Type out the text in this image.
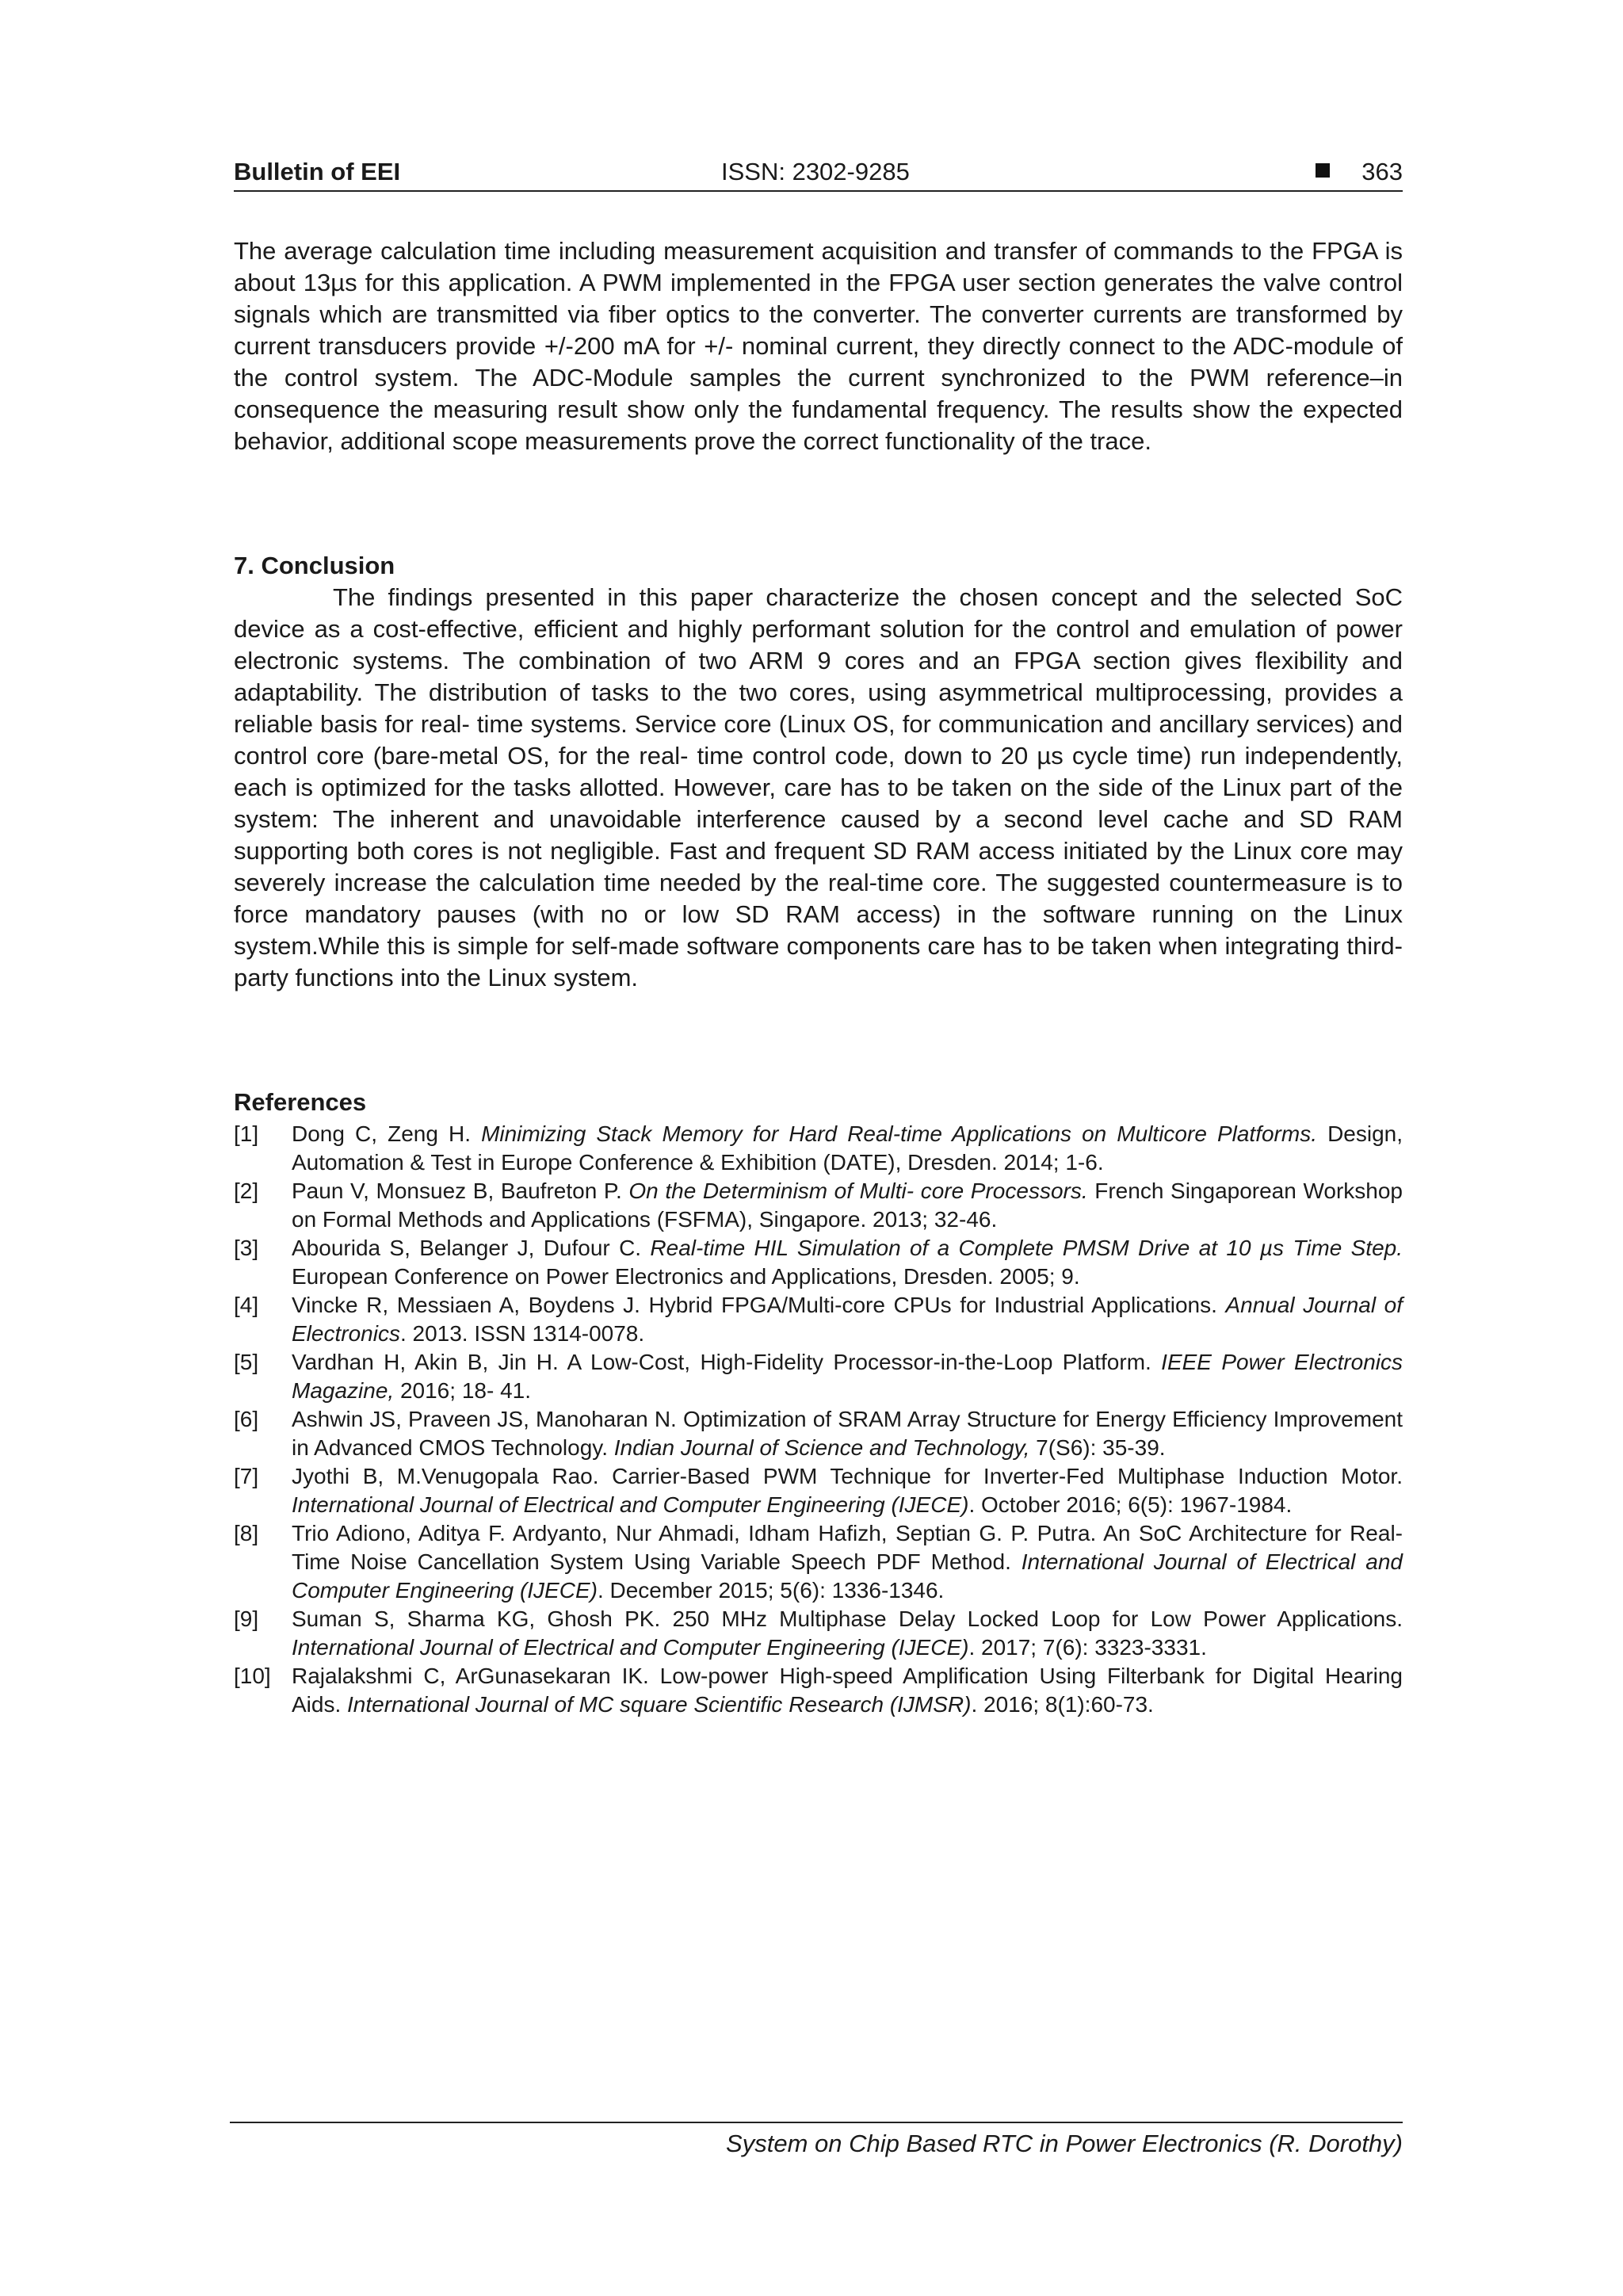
Bulletin of EEI	ISSN: 2302-9285	363

The average calculation time including measurement acquisition and transfer of commands to the FPGA is about 13µs for this application. A PWM implemented in the FPGA user section generates the valve control signals which are transmitted via fiber optics to the converter. The converter currents are transformed by current transducers provide +/-200 mA for +/- nominal current, they directly connect to the ADC-module of the control system. The ADC-Module samples the current synchronized to the PWM reference–in consequence the measuring result show only the fundamental frequency. The results show the expected behavior, additional scope measurements prove the correct functionality of the trace.

7. Conclusion

The findings presented in this paper characterize the chosen concept and the selected SoC device as a cost-effective, efficient and highly performant solution for the control and emulation of power electronic systems. The combination of two ARM 9 cores and an FPGA section gives flexibility and adaptability. The distribution of tasks to the two cores, using asymmetrical multiprocessing, provides a reliable basis for real- time systems. Service core (Linux OS, for communication and ancillary services) and control core (bare-metal OS, for the real- time control code, down to 20 µs cycle time) run independently, each is optimized for the tasks allotted. However, care has to be taken on the side of the Linux part of the system: The inherent and unavoidable interference caused by a second level cache and SD RAM supporting both cores is not negligible. Fast and frequent SD RAM access initiated by the Linux core may severely increase the calculation time needed by the real-time core. The suggested countermeasure is to force mandatory pauses (with no or low SD RAM access) in the software running on the Linux system.While this is simple for self-made software components care has to be taken when integrating third-party functions into the Linux system.

References
[1]	Dong C, Zeng H. Minimizing Stack Memory for Hard Real-time Applications on Multicore Platforms. Design, Automation & Test in Europe Conference & Exhibition (DATE), Dresden. 2014; 1-6.
[2]	Paun V, Monsuez B, Baufreton P. On the Determinism of Multi- core Processors. French Singaporean Workshop on Formal Methods and Applications (FSFMA), Singapore. 2013; 32-46.
[3]	Abourida S, Belanger J, Dufour C. Real-time HIL Simulation of a Complete PMSM Drive at 10 µs Time Step. European Conference on Power Electronics and Applications, Dresden. 2005; 9.
[4]	Vincke R, Messiaen A, Boydens J. Hybrid FPGA/Multi-core CPUs for Industrial Applications. Annual Journal of Electronics. 2013. ISSN 1314-0078.
[5]	Vardhan H, Akin B, Jin H. A Low-Cost, High-Fidelity Processor-in-the-Loop Platform. IEEE Power Electronics Magazine, 2016; 18- 41.
[6]	Ashwin JS, Praveen JS, Manoharan N. Optimization of SRAM Array Structure for Energy Efficiency Improvement in Advanced CMOS Technology. Indian Journal of Science and Technology, 7(S6): 35-39.
[7]	Jyothi B, M.Venugopala Rao. Carrier-Based PWM Technique for Inverter-Fed Multiphase Induction Motor. International Journal of Electrical and Computer Engineering (IJECE). October 2016; 6(5): 1967-1984.
[8]	Trio Adiono, Aditya F. Ardyanto, Nur Ahmadi, Idham Hafizh, Septian G. P. Putra. An SoC Architecture for Real-Time Noise Cancellation System Using Variable Speech PDF Method. International Journal of Electrical and Computer Engineering (IJECE). December 2015; 5(6): 1336-1346.
[9]	Suman S, Sharma KG, Ghosh PK. 250 MHz Multiphase Delay Locked Loop for Low Power Applications. International Journal of Electrical and Computer Engineering (IJECE). 2017; 7(6): 3323-3331.
[10] Rajalakshmi C, ArGunasekaran IK. Low-power High-speed Amplification Using Filterbank for Digital Hearing Aids. International Journal of MC square Scientific Research (IJMSR). 2016; 8(1):60-73.
System on Chip Based RTC in Power Electronics (R. Dorothy)
